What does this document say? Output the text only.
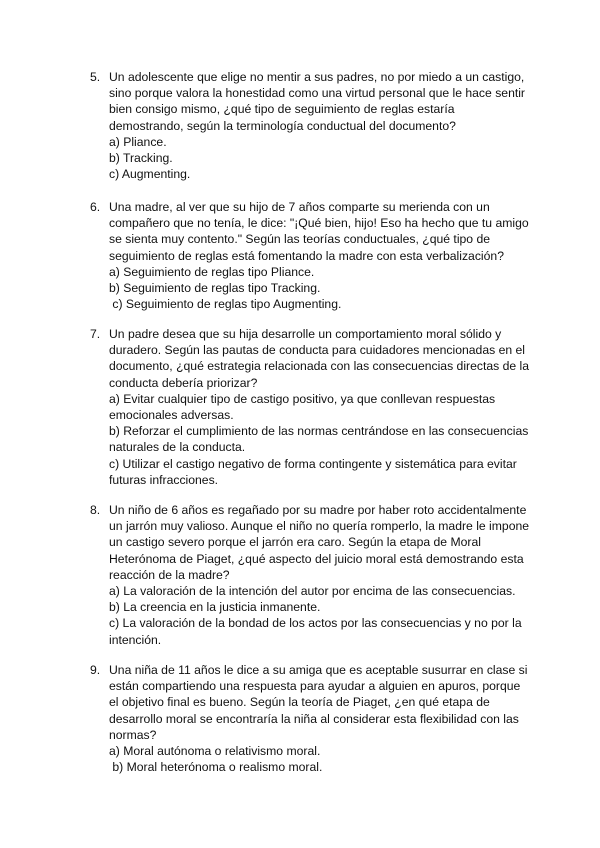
5. Un adolescente que elige no mentir a sus padres, no por miedo a un castigo, sino porque valora la honestidad como una virtud personal que le hace sentir bien consigo mismo, ¿qué tipo de seguimiento de reglas estaría demostrando, según la terminología conductual del documento?
a) Pliance.
b) Tracking.
c) Augmenting.
6. Una madre, al ver que su hijo de 7 años comparte su merienda con un compañero que no tenía, le dice: "¡Qué bien, hijo! Eso ha hecho que tu amigo se sienta muy contento." Según las teorías conductuales, ¿qué tipo de seguimiento de reglas está fomentando la madre con esta verbalización?
a) Seguimiento de reglas tipo Pliance.
b) Seguimiento de reglas tipo Tracking.
c) Seguimiento de reglas tipo Augmenting.
7. Un padre desea que su hija desarrolle un comportamiento moral sólido y duradero. Según las pautas de conducta para cuidadores mencionadas en el documento, ¿qué estrategia relacionada con las consecuencias directas de la conducta debería priorizar?
a) Evitar cualquier tipo de castigo positivo, ya que conllevan respuestas emocionales adversas.
b) Reforzar el cumplimiento de las normas centrándose en las consecuencias naturales de la conducta.
c) Utilizar el castigo negativo de forma contingente y sistemática para evitar futuras infracciones.
8. Un niño de 6 años es regañado por su madre por haber roto accidentalmente un jarrón muy valioso. Aunque el niño no quería romperlo, la madre le impone un castigo severo porque el jarrón era caro. Según la etapa de Moral Heterónoma de Piaget, ¿qué aspecto del juicio moral está demostrando esta reacción de la madre?
a) La valoración de la intención del autor por encima de las consecuencias.
b) La creencia en la justicia inmanente.
c) La valoración de la bondad de los actos por las consecuencias y no por la intención.
9. Una niña de 11 años le dice a su amiga que es aceptable susurrar en clase si están compartiendo una respuesta para ayudar a alguien en apuros, porque el objetivo final es bueno. Según la teoría de Piaget, ¿en qué etapa de desarrollo moral se encontraría la niña al considerar esta flexibilidad con las normas?
a) Moral autónoma o relativismo moral.
b) Moral heterónoma o realismo moral.
